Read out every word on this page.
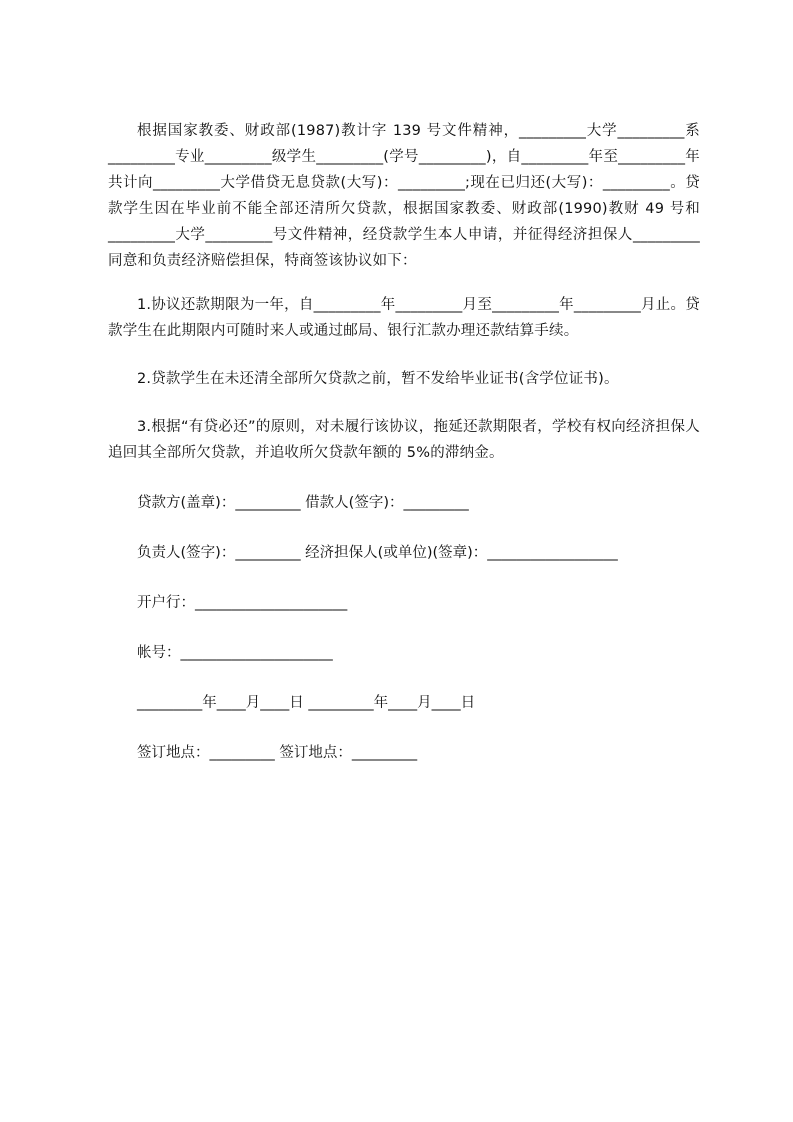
根据国家教委、财政部(1987)教计字 139 号文件精神，_________大学_________系_________专业_________级学生_________(学号_________)，自_________年至_________年共计向_________大学借贷无息贷款(大写)：_________;现在已归还(大写)：_________。贷款学生因在毕业前不能全部还清所欠贷款，根据国家教委、财政部(1990)教财 49 号和_________大学_________号文件精神，经贷款学生本人申请，并征得经济担保人_________同意和负责经济赔偿担保，特商签该协议如下：

1.协议还款期限为一年，自_________年_________月至_________年_________月止。贷款学生在此期限内可随时来人或通过邮局、银行汇款办理还款结算手续。

2.贷款学生在未还清全部所欠贷款之前，暂不发给毕业证书(含学位证书)。

3.根据“有贷必还”的原则，对未履行该协议，拖延还款期限者，学校有权向经济担保人追回其全部所欠贷款，并追收所欠贷款年额的 5%的滞纳金。

贷款方(盖章)：_________ 借款人(签字)：_________

负责人(签字)：_________ 经济担保人(或单位)(签章)：__________________

开户行：_____________________

帐号：_____________________

_________年____月____日 _________年____月____日

签订地点：_________ 签订地点：_________
